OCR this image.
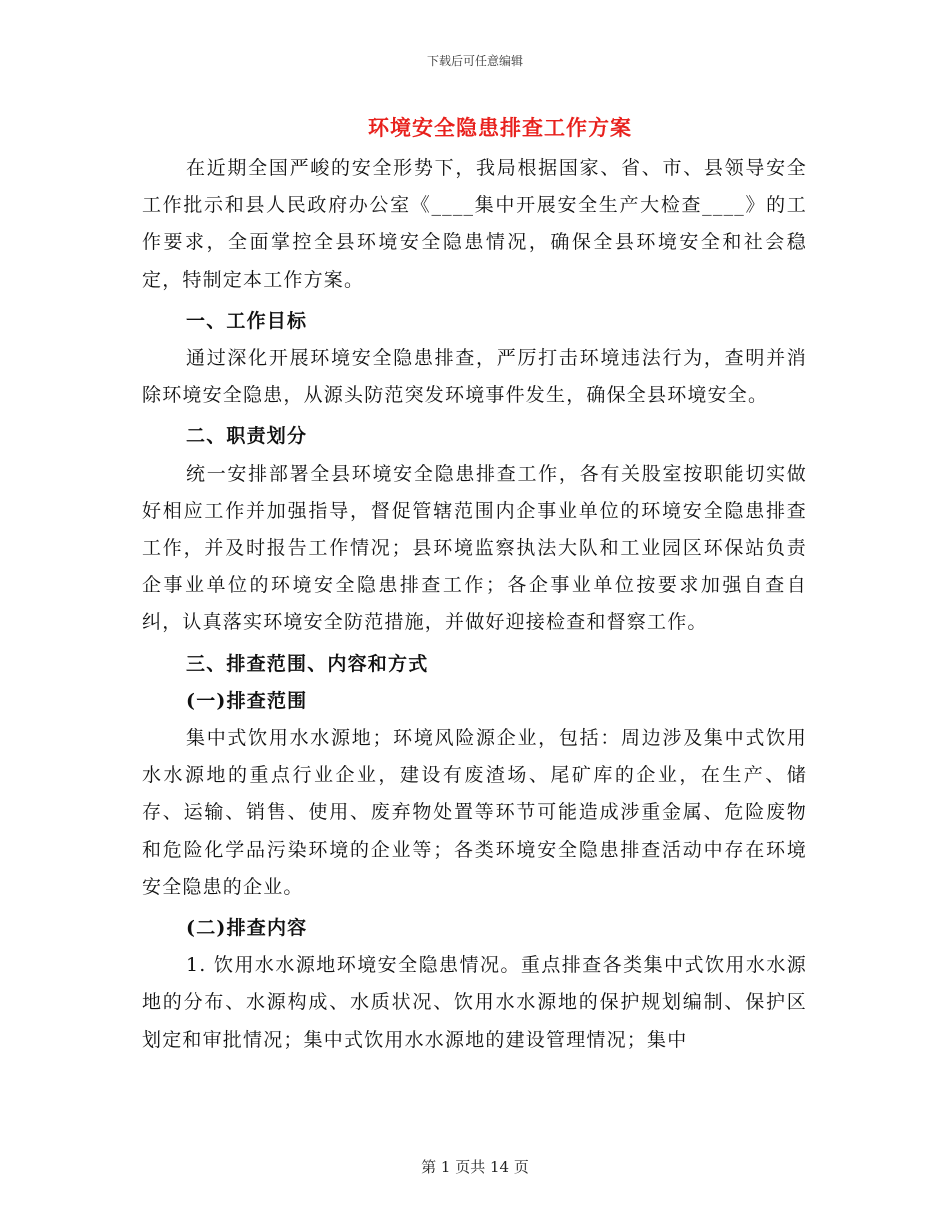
下载后可任意编辑
环境安全隐患排查工作方案

在近期全国严峻的安全形势下，我局根据国家、省、市、县领导安全工作批示和县人民政府办公室《____集中开展安全生产大检查____》的工作要求，全面掌控全县环境安全隐患情况，确保全县环境安全和社会稳定，特制定本工作方案。

一、工作目标

通过深化开展环境安全隐患排查，严厉打击环境违法行为，查明并消除环境安全隐患，从源头防范突发环境事件发生，确保全县环境安全。

二、职责划分

统一安排部署全县环境安全隐患排查工作，各有关股室按职能切实做好相应工作并加强指导，督促管辖范围内企事业单位的环境安全隐患排查工作，并及时报告工作情况；县环境监察执法大队和工业园区环保站负责企事业单位的环境安全隐患排查工作；各企事业单位按要求加强自查自纠，认真落实环境安全防范措施，并做好迎接检查和督察工作。

三、排查范围、内容和方式

(一)排查范围

集中式饮用水水源地；环境风险源企业，包括：周边涉及集中式饮用水水源地的重点行业企业，建设有废渣场、尾矿库的企业，在生产、储存、运输、销售、使用、废弃物处置等环节可能造成涉重金属、危险废物和危险化学品污染环境的企业等；各类环境安全隐患排查活动中存在环境安全隐患的企业。

(二)排查内容

1. 饮用水水源地环境安全隐患情况。重点排查各类集中式饮用水水源地的分布、水源构成、水质状况、饮用水水源地的保护规划编制、保护区划定和审批情况；集中式饮用水水源地的建设管理情况；集中

第 1 页共 14 页
